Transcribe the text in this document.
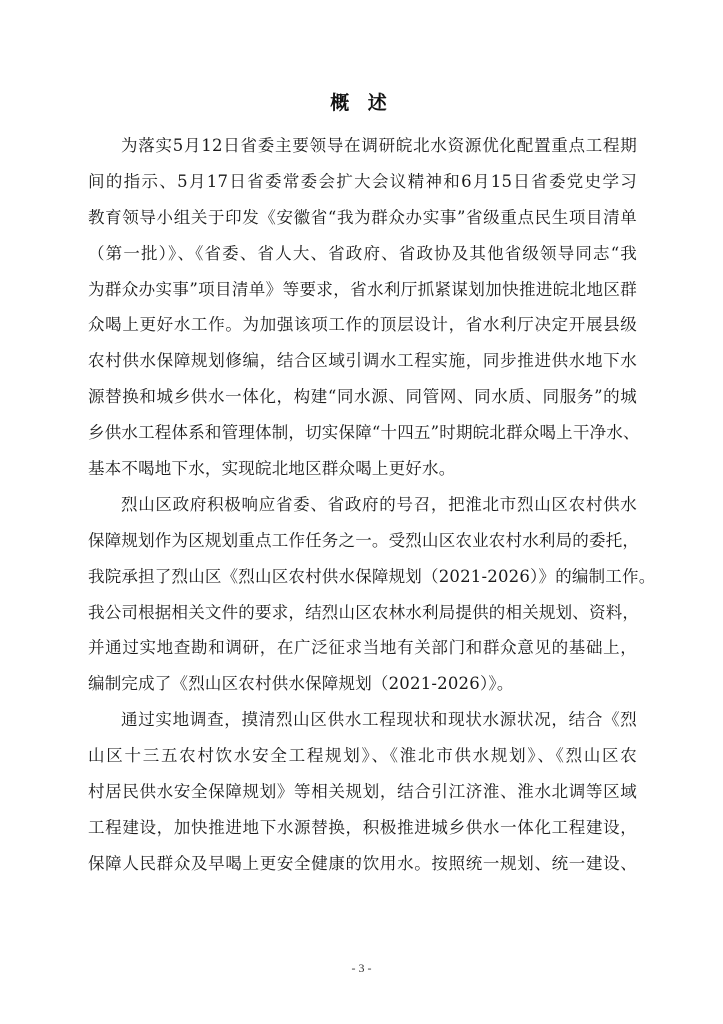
概 述
为落实5月12日省委主要领导在调研皖北水资源优化配置重点工程期
间的指示、5月17日省委常委会扩大会议精神和6月15日省委党史学习
教育领导小组关于印发《安徽省“我为群众办实事”省级重点民生项目清单
（第一批）》、《省委、省人大、省政府、省政协及其他省级领导同志“我
为群众办实事”项目清单》等要求，省水利厅抓紧谋划加快推进皖北地区群
众喝上更好水工作。为加强该项工作的顶层设计，省水利厅决定开展县级
农村供水保障规划修编，结合区域引调水工程实施，同步推进供水地下水
源替换和城乡供水一体化，构建“同水源、同管网、同水质、同服务”的城
乡供水工程体系和管理体制，切实保障“十四五”时期皖北群众喝上干净水、
基本不喝地下水，实现皖北地区群众喝上更好水。
烈山区政府积极响应省委、省政府的号召，把淮北市烈山区农村供水
保障规划作为区规划重点工作任务之一。受烈山区农业农村水利局的委托，
我院承担了烈山区《烈山区农村供水保障规划（2021-2026）》的编制工作。
我公司根据相关文件的要求，结烈山区农林水利局提供的相关规划、资料，
并通过实地查勘和调研，在广泛征求当地有关部门和群众意见的基础上，
编制完成了《烈山区农村供水保障规划（2021-2026）》。
通过实地调查，摸清烈山区供水工程现状和现状水源状况，结合《烈
山区十三五农村饮水安全工程规划》、《淮北市供水规划》、《烈山区农
村居民供水安全保障规划》等相关规划，结合引江济淮、淮水北调等区域
工程建设，加快推进地下水源替换，积极推进城乡供水一体化工程建设，
保障人民群众及早喝上更安全健康的饮用水。按照统一规划、统一建设、
- 3 -
